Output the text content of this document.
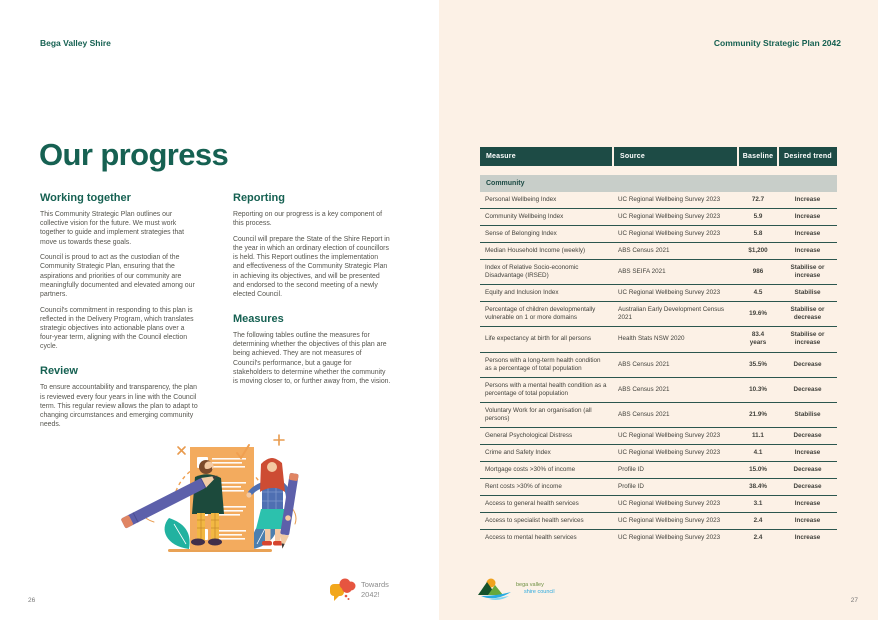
Bega Valley Shire
Our progress
Working together

This Community Strategic Plan outlines our collective vision for the future. We must work together to guide and implement strategies that move us towards these goals.

Council is proud to act as the custodian of the Community Strategic Plan, ensuring that the aspirations and priorities of our community are meaningfully documented and elevated among our partners.

Council's commitment in responding to this plan is reflected in the Delivery Program, which translates strategic objectives into actionable plans over a four-year term, aligning with the Council election cycle.

Review

To ensure accountability and transparency, the plan is reviewed every four years in line with the Council term. This regular review allows the plan to adapt to changing circumstances and emerging community needs.

Reporting

Reporting on our progress is a key component of this process.

Council will prepare the State of the Shire Report in the year in which an ordinary election of councillors is held. This Report outlines the implementation and effectiveness of the Community Strategic Plan in achieving its objectives, and will be presented and endorsed to the second meeting of a newly elected Council.

Measures

The following tables outline the measures for determining whether the objectives of this plan are being achieved. They are not measures of Council's performance, but a gauge for stakeholders to determine whether the community is moving closer to, or further away from, the vision.

26
Towards 2042!
Community Strategic Plan 2042
Measure	Source	Baseline	Desired trend

Community			
Personal Wellbeing Index	UC Regional Wellbeing Survey 2023	72.7	Increase
Community Wellbeing Index	UC Regional Wellbeing Survey 2023	5.9	Increase
Sense of Belonging Index	UC Regional Wellbeing Survey 2023	5.8	Increase
Median Household Income (weekly)	ABS Census 2021	$1,200	Increase
Index of Relative Socio-economic Disadvantage (IRSED)	ABS SEIFA 2021	986	Stabilise or increase
Equity and Inclusion Index	UC Regional Wellbeing Survey 2023	4.5	Stabilise
Percentage of children developmentally vulnerable on 1 or more domains	Australian Early Development Census 2021	19.6%	Stabilise or decrease
Life expectancy at birth for all persons	Health Stats NSW 2020	83.4 years	Stabilise or increase
Persons with a long-term health condition as a percentage of total population	ABS Census 2021	35.5%	Decrease
Persons with a mental health condition as a percentage of total population	ABS Census 2021	10.3%	Decrease
Voluntary Work for an organisation (all persons)	ABS Census 2021	21.9%	Stabilise
General Psychological Distress	UC Regional Wellbeing Survey 2023	11.1	Decrease
Crime and Safety Index	UC Regional Wellbeing Survey 2023	4.1	Increase
Mortgage costs >30% of income	Profile ID	15.0%	Decrease
Rent costs >30% of income	Profile ID	38.4%	Decrease
Access to general health services	UC Regional Wellbeing Survey 2023	3.1	Increase
Access to specialist health services	UC Regional Wellbeing Survey 2023	2.4	Increase
Access to mental health services	UC Regional Wellbeing Survey 2023	2.4	Increase
bega valley
shire council
27
